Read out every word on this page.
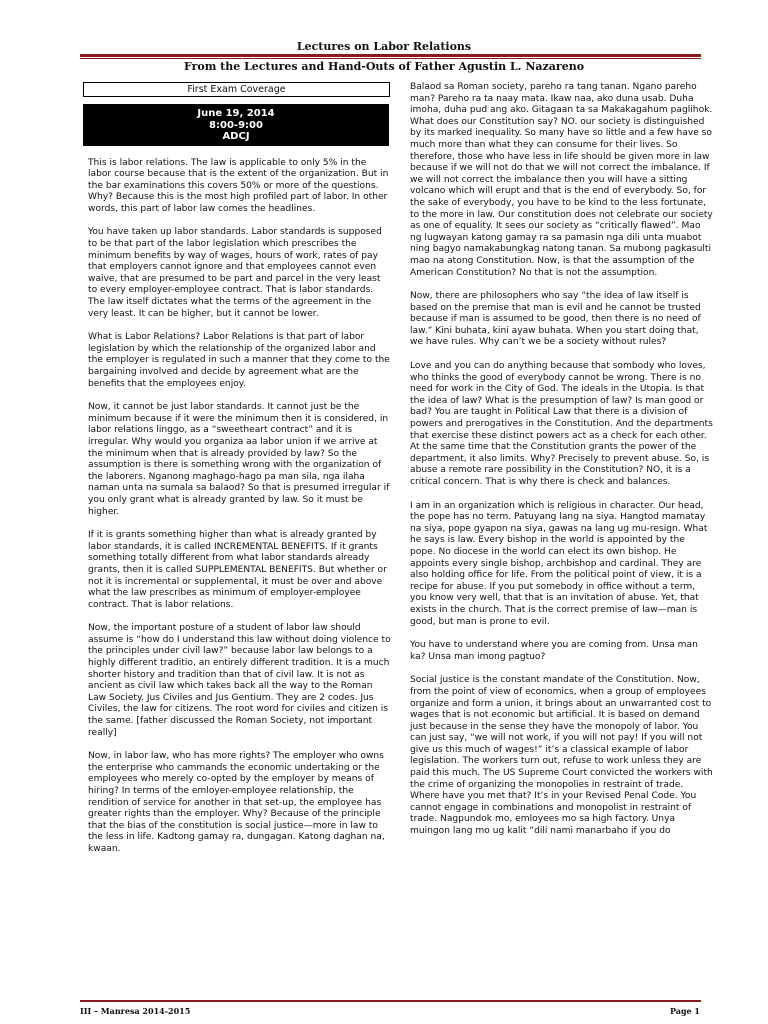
Lectures on Labor Relations
From the Lectures and Hand-Outs of Father Agustin L. Nazareno
First Exam Coverage
June 19, 2014
8:00-9:00
ADCJ

This is labor relations. The law is applicable to only 5% in the labor course because that is the extent of the organization. But in the bar examinations this covers 50% or more of the questions. Why? Because this is the most high profiled part of labor. In other words, this part of labor law comes the headlines.

You have taken up labor standards. Labor standards is supposed to be that part of the labor legislation which prescribes the minimum benefits by way of wages, hours of work, rates of pay that employers cannot ignore and that employees cannot even waive, that are presumed to be part and parcel in the very least to every employer-employee contract. That is labor standards. The law itself dictates what the terms of the agreement in the very least. It can be higher, but it cannot be lower.

What is Labor Relations? Labor Relations is that part of labor legislation by which the relationship of the organized labor and the employer is regulated in such a manner that they come to the bargaining involved and decide by agreement what are the benefits that the employees enjoy.

Now, it cannot be just labor standards. It cannot just be the minimum because if it were the minimum then it is considered, in labor relations linggo, as a “sweetheart contract” and it is irregular. Why would you organiza aa labor union if we arrive at the minimum when that is already provided by law? So the assumption is there is something wrong with the organization of the laborers. Nganong maghago-hago pa man sila, nga ilaha naman unta na sumala sa balaod? So that is presumed irregular if you only grant what is already granted by law. So it must be higher.

If it is grants something higher than what is already granted by labor standards, it is called INCREMENTAL BENEFITS. If it grants something totally different from what labor standards already grants, then it is called SUPPLEMENTAL BENEFITS. But whether or not it is incremental or supplemental, it must be over and above what the law prescribes as minimum of employer-employee contract. That is labor relations.

Now, the important posture of a student of labor law should assume is “how do I understand this law without doing violence to the principles under civil law?” because labor law belongs to a highly different traditio, an entirely different tradition. It is a much shorter history and tradition than that of civil law. It is not as ancient as civil law which takes back all the way to the Roman Law Society. Jus Civiles and Jus Gentium. They are 2 codes. Jus Civiles, the law for citizens. The root word for civiles and citizen is the same. [father discussed the Roman Society, not important really]

Now, in labor law, who has more rights? The employer who owns the enterprise who cammands the economic undertaking or the employees who merely co-opted by the employer by means of hiring? In terms of the emloyer-employee relationship, the rendition of service for another in that set-up, the employee has greater rights than the employer. Why? Because of the principle that the bias of the constitution is social justice—more in law to the less in life. Kadtong gamay ra, dungagan. Katong daghan na, kwaan.

Balaod sa Roman society, pareho ra tang tanan. Ngano pareho man? Pareho ra ta naay mata. Ikaw naa, ako duna usab. Duha imoha, duha pud ang ako. Gitagaan ta sa Makakagahum paglihok. What does our Constitution say? NO. our society is distinguished by its marked inequality. So many have so little and a few have so much more than what they can consume for their lives. So therefore, those who have less in life should be given more in law because if we will not do that we will not correct the imbalance. If we will not correct the imbalance then you will have a sitting volcano which will erupt and that is the end of everybody. So, for the sake of everybody, you have to be kind to the less fortunate, to the more in law. Our constitution does not celebrate our society as one of equality. It sees our society as “critically flawed”. Mao ng lugwayan katong gamay ra sa pamasin nga dili unta muabot ning bagyo namakabungkag natong tanan. Sa mubong pagkasulti mao na atong Constitution. Now, is that the assumption of the American Constitution? No that is not the assumption.

Now, there are philosophers who say “the idea of law itself is based on the premise that man is evil and he cannot be trusted because if man is assumed to be good, then there is no need of law.” Kini buhata, kini ayaw buhata. When you start doing that, we have rules. Why can’t we be a society without rules?

Love and you can do anything because that sombody who loves, who thinks the good of everybody cannot be wrong. There is no need for work in the City of God. The ideals in the Utopia. Is that the idea of law? What is the presumption of law? Is man good or bad? You are taught in Political Law that there is a division of powers and prerogatives in the Constitution. And the departments that exercise these distinct powers act as a check for each other. At the same time that the Constitution grants the power of the department, it also limits. Why? Precisely to prevent abuse. So, is abuse a remote rare possibility in the Constitution? NO, it is a critical concern. That is why there is check and balances.

I am in an organization which is religious in character. Our head, the pope has no term. Patuyang lang na siya. Hangtod mamatay na siya, pope gyapon na siya, gawas na lang ug mu-resign. What he says is law. Every bishop in the world is appointed by the pope. No diocese in the world can elect its own bishop. He appoints every single bishop, archbishop and cardinal. They are also holding office for life. From the political point of view, it is a recipe for abuse. If you put somebody in office without a term, you know very well, that that is an invitation of abuse. Yet, that exists in the church. That is the correct premise of law—man is good, but man is prone to evil.

You have to understand where you are coming from. Unsa man ka? Unsa man imong pagtuo?

Social justice is the constant mandate of the Constitution. Now, from the point of view of economics, when a group of employees organize and form a union, it brings about an unwarranted cost to wages that is not economic but artificial. It is based on demand just because in the sense they have the monopoly of labor. You can just say, “we will not work, if you will not pay! If you will not give us this much of wages!” it’s a classical example of labor legislation. The workers turn out, refuse to work unless they are paid this much. The US Supreme Court convicted the workers with the crime of organizing the monopolies in restraint of trade. Where have you met that? It’s in your Revised Penal Code. You cannot engage in combinations and monopolist in restraint of trade. Nagpundok mo, emloyees mo sa high factory. Unya muingon lang mo ug kalit “dili nami manarbaho if you do

III – Manresa 2014-2015	Page 1
